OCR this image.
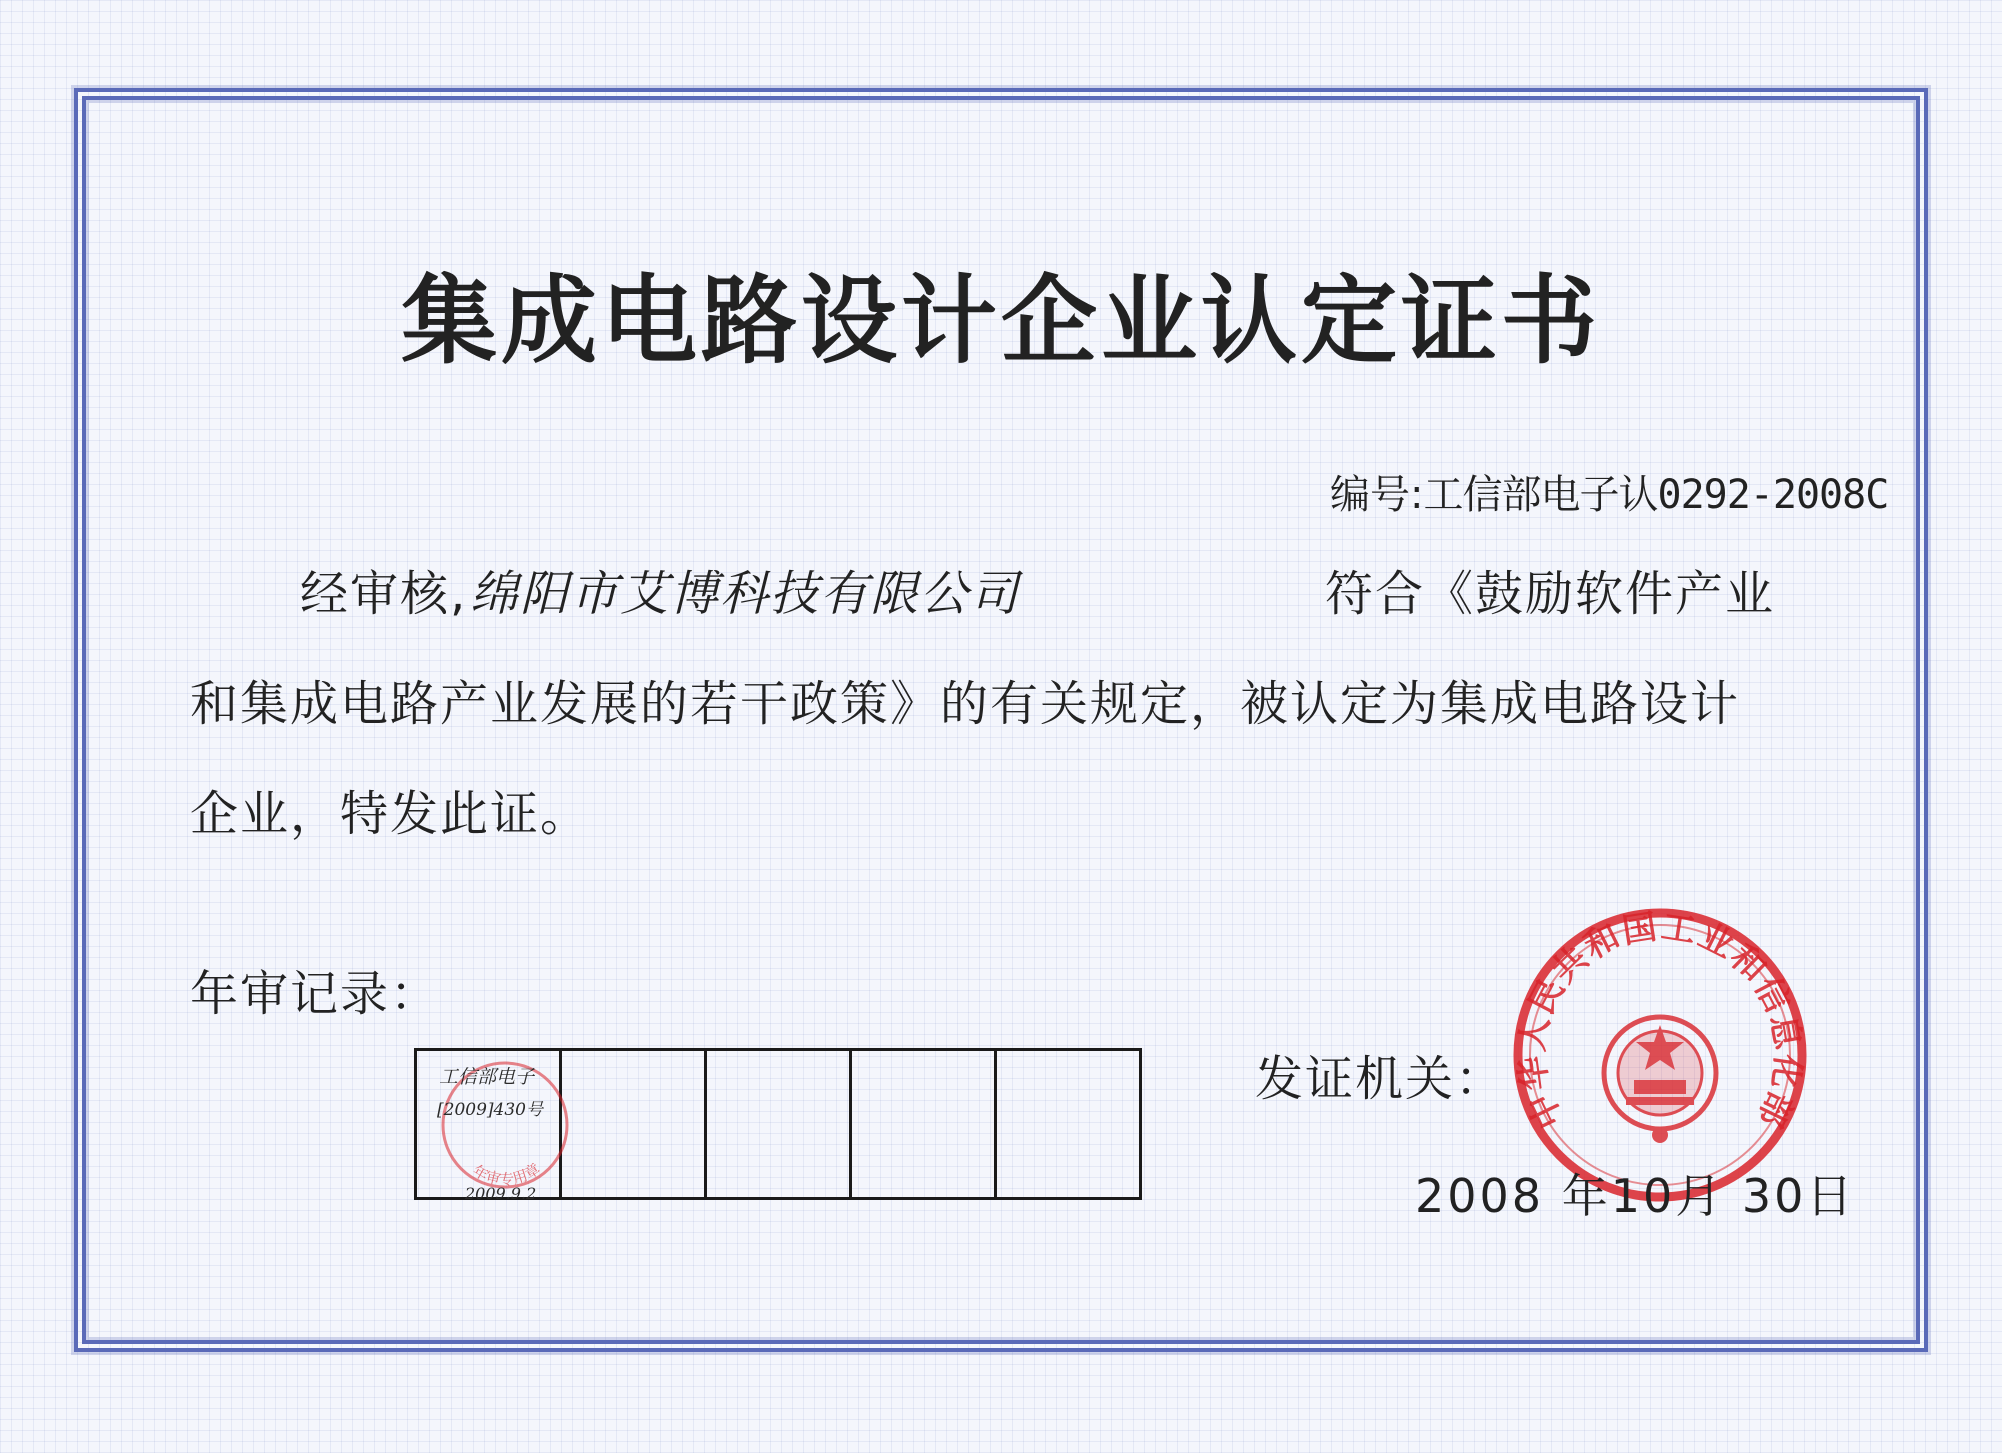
集成电路设计企业认定证书
编号:工信部电子认0292-2008C
经审核, 绵阳市艾博科技有限公司	符合《鼓励软件产业
和集成电路产业发展的若干政策》的有关规定，被认定为集成电路设计
企业，特发此证。
年审记录：
年审专用章
工信部电子
[2009]430号
2009.9.2

发证机关：
中华人民共和国工业和信息化部
2008 年10月 30日
